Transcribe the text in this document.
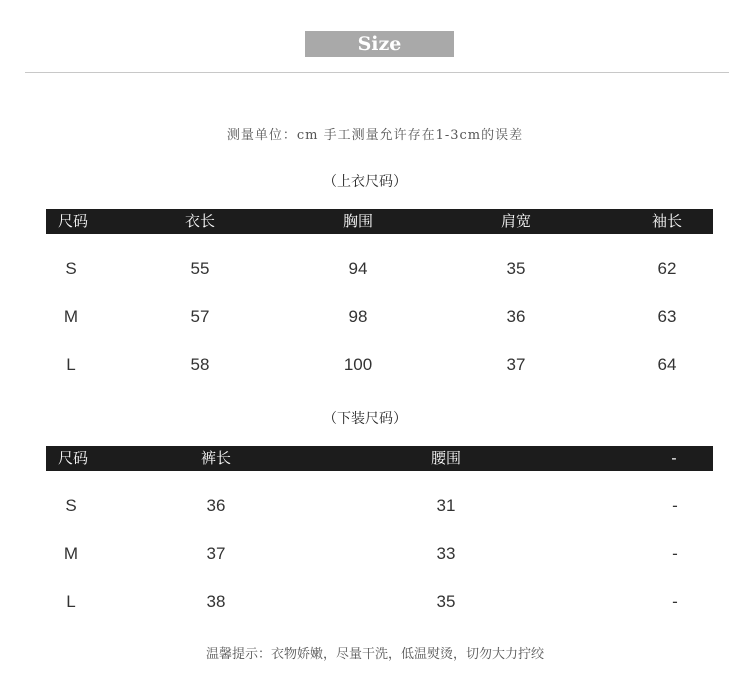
Size
测量单位：cm 手工测量允许存在1-3cm的误差
（上衣尺码）
尺码	衣长	胸围	肩宽	袖长
S	55	94	35	62
M	57	98	36	63
L	58	100	37	64
（下装尺码）
尺码	裤长	腰围	-
S	36	31	-
M	37	33	-
L	38	35	-
温馨提示：衣物娇嫩，尽量干洗，低温熨烫，切勿大力拧绞
